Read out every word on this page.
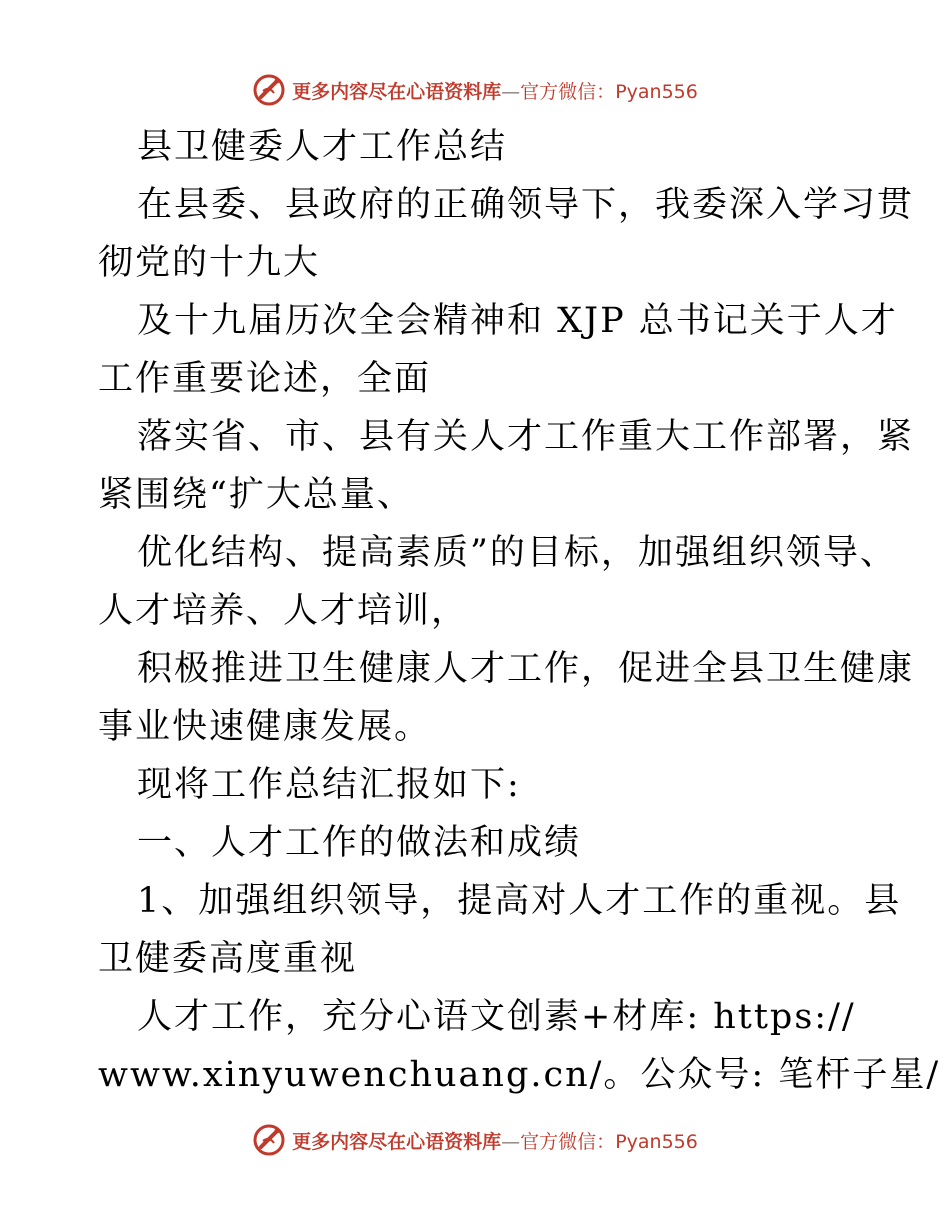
更多内容尽在心语资料库—官方微信：Pyan556
县卫健委人才工作总结
在县委、县政府的正确领导下，我委深入学习贯
彻党的十九大
及十九届历次全会精神和 XJP 总书记关于人才
工作重要论述，全面
落实省、市、县有关人才工作重大工作部署，紧
紧围绕“扩大总量、
优化结构、提高素质”的目标，加强组织领导、
人才培养、人才培训，
积极推进卫生健康人才工作，促进全县卫生健康
事业快速健康发展。
现将工作总结汇报如下:
一、人才工作的做法和成绩
1、加强组织领导，提高对人才工作的重视。县
卫健委高度重视
人才工作，充分心语文创素+材库: https://
www.xinyuwenchuang.cn/。公众号: 笔杆子星/
更多内容尽在心语资料库—官方微信：Pyan556
